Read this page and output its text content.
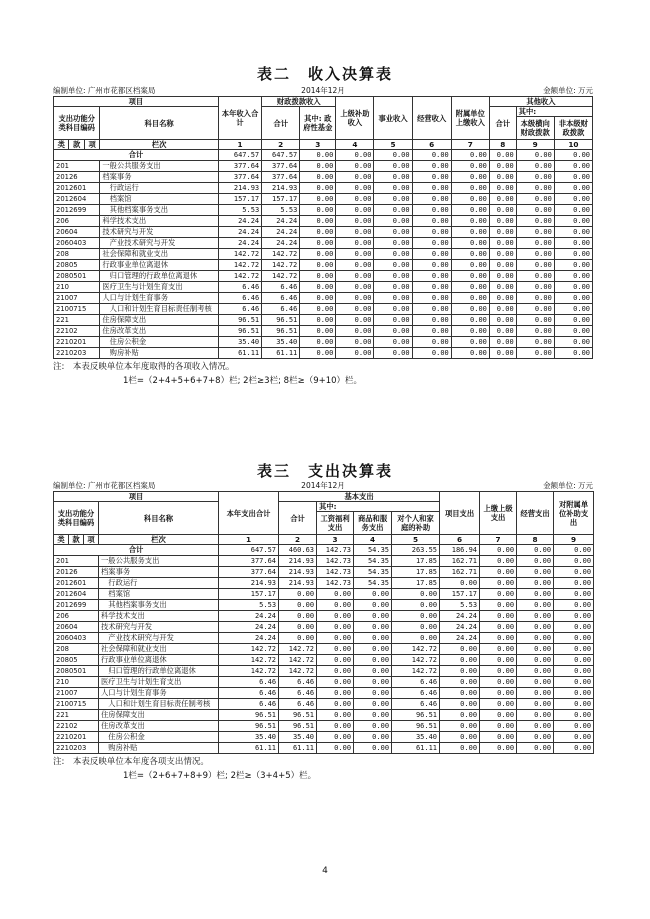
表二　收入决算表
编制单位: 广州市花都区档案局	2014年12月	金额单位: 万元
项目				本年收入合计	财政拨款收入		上级补助收入	事业收入	经营收入	附属单位上缴收入	其他收入		
支出功能分类科目编码			科目名称		合计	其中: 政府性基金					合计	其中:	
												本级横向财政拨款	非本级财政拨款

类	款	项	栏次	1	2	3	4	5	6	7	8	9	10
合计				647.57	647.57	0.00	0.00	0.00	0.00	0.00	0.00	0.00	0.00
201			一般公共服务支出	377.64	377.64	0.00	0.00	0.00	0.00	0.00	0.00	0.00	0.00
20126			档案事务	377.64	377.64	0.00	0.00	0.00	0.00	0.00	0.00	0.00	0.00
2012601			　行政运行	214.93	214.93	0.00	0.00	0.00	0.00	0.00	0.00	0.00	0.00
2012604			　档案馆	157.17	157.17	0.00	0.00	0.00	0.00	0.00	0.00	0.00	0.00
2012699			　其他档案事务支出	5.53	5.53	0.00	0.00	0.00	0.00	0.00	0.00	0.00	0.00
206			科学技术支出	24.24	24.24	0.00	0.00	0.00	0.00	0.00	0.00	0.00	0.00
20604			技术研究与开发	24.24	24.24	0.00	0.00	0.00	0.00	0.00	0.00	0.00	0.00
2060403			　产业技术研究与开发	24.24	24.24	0.00	0.00	0.00	0.00	0.00	0.00	0.00	0.00
208			社会保障和就业支出	142.72	142.72	0.00	0.00	0.00	0.00	0.00	0.00	0.00	0.00
20805			行政事业单位离退休	142.72	142.72	0.00	0.00	0.00	0.00	0.00	0.00	0.00	0.00
2080501			　归口管理的行政单位离退休	142.72	142.72	0.00	0.00	0.00	0.00	0.00	0.00	0.00	0.00
210			医疗卫生与计划生育支出	6.46	6.46	0.00	0.00	0.00	0.00	0.00	0.00	0.00	0.00
21007			人口与计划生育事务	6.46	6.46	0.00	0.00	0.00	0.00	0.00	0.00	0.00	0.00
2100715			　人口和计划生育目标责任制考核	6.46	6.46	0.00	0.00	0.00	0.00	0.00	0.00	0.00	0.00
221			住房保障支出	96.51	96.51	0.00	0.00	0.00	0.00	0.00	0.00	0.00	0.00
22102			住房改革支出	96.51	96.51	0.00	0.00	0.00	0.00	0.00	0.00	0.00	0.00
2210201			　住房公积金	35.40	35.40	0.00	0.00	0.00	0.00	0.00	0.00	0.00	0.00
2210203			　购房补贴	61.11	61.11	0.00	0.00	0.00	0.00	0.00	0.00	0.00	0.00
注:　本表反映单位本年度取得的各项收入情况。
1栏=（2+4+5+6+7+8）栏; 2栏≥3栏; 8栏≥（9+10）栏。
表三　支出决算表
编制单位: 广州市花都区档案局	2014年12月	金额单位: 万元
项目				本年支出合计	基本支出				项目支出	上缴上级支出	经营支出	对附属单位补助支出
支出功能分类科目编码			科目名称		合计	其中:						
						工资福利支出	商品和服务支出	对个人和家庭的补助				

类	款	项	栏次	1	2	3	4	5	6	7	8	9
合计				647.57	460.63	142.73	54.35	263.55	186.94	0.00	0.00	0.00
201			一般公共服务支出	377.64	214.93	142.73	54.35	17.85	162.71	0.00	0.00	0.00
20126			档案事务	377.64	214.93	142.73	54.35	17.85	162.71	0.00	0.00	0.00
2012601			　行政运行	214.93	214.93	142.73	54.35	17.85	0.00	0.00	0.00	0.00
2012604			　档案馆	157.17	0.00	0.00	0.00	0.00	157.17	0.00	0.00	0.00
2012699			　其他档案事务支出	5.53	0.00	0.00	0.00	0.00	5.53	0.00	0.00	0.00
206			科学技术支出	24.24	0.00	0.00	0.00	0.00	24.24	0.00	0.00	0.00
20604			技术研究与开发	24.24	0.00	0.00	0.00	0.00	24.24	0.00	0.00	0.00
2060403			　产业技术研究与开发	24.24	0.00	0.00	0.00	0.00	24.24	0.00	0.00	0.00
208			社会保障和就业支出	142.72	142.72	0.00	0.00	142.72	0.00	0.00	0.00	0.00
20805			行政事业单位离退休	142.72	142.72	0.00	0.00	142.72	0.00	0.00	0.00	0.00
2080501			　归口管理的行政单位离退休	142.72	142.72	0.00	0.00	142.72	0.00	0.00	0.00	0.00
210			医疗卫生与计划生育支出	6.46	6.46	0.00	0.00	6.46	0.00	0.00	0.00	0.00
21007			人口与计划生育事务	6.46	6.46	0.00	0.00	6.46	0.00	0.00	0.00	0.00
2100715			　人口和计划生育目标责任制考核	6.46	6.46	0.00	0.00	6.46	0.00	0.00	0.00	0.00
221			住房保障支出	96.51	96.51	0.00	0.00	96.51	0.00	0.00	0.00	0.00
22102			住房改革支出	96.51	96.51	0.00	0.00	96.51	0.00	0.00	0.00	0.00
2210201			　住房公积金	35.40	35.40	0.00	0.00	35.40	0.00	0.00	0.00	0.00
2210203			　购房补贴	61.11	61.11	0.00	0.00	61.11	0.00	0.00	0.00	0.00
注:　本表反映单位本年度各项支出情况。
1栏=（2+6+7+8+9）栏; 2栏≥（3+4+5）栏。
4
